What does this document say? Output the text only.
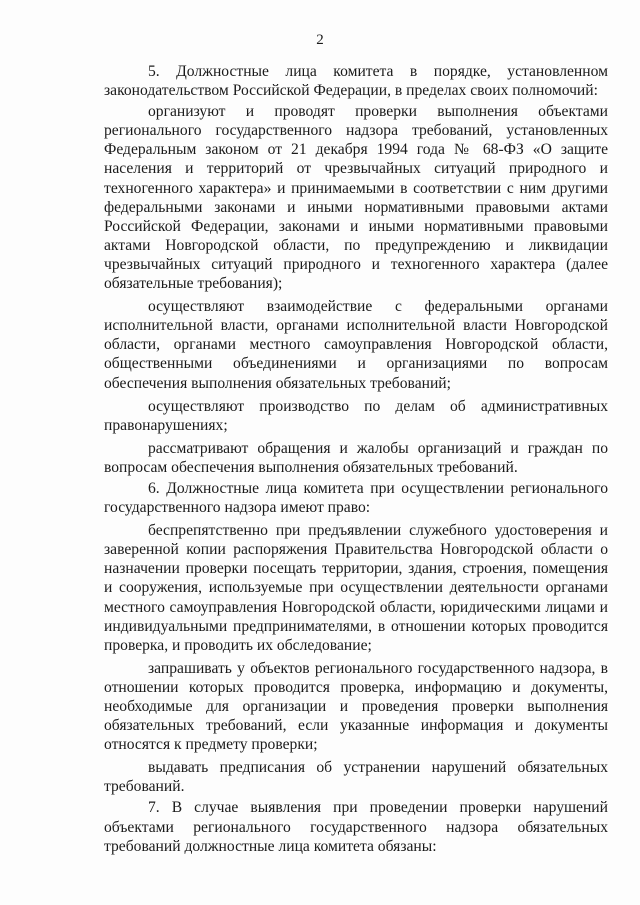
2

5. Должностные лица комитета в порядке, установленном законодательством Российской Федерации, в пределах своих полномочий:

организуют и проводят проверки выполнения объектами регионального государственного надзора требований, установленных Федеральным законом от 21 декабря 1994 года № 68-ФЗ «О защите населения и территорий от чрезвычайных ситуаций природного и техногенного характера» и принимаемыми в соответствии с ним другими федеральными законами и иными нормативными правовыми актами Российской Федерации, законами и иными нормативными правовыми актами Новгородской области, по предупреждению и ликвидации чрезвычайных ситуаций природного и техногенного характера (далее обязательные требования);

осуществляют взаимодействие с федеральными органами исполнительной власти, органами исполнительной власти Новгородской области, органами местного самоуправления Новгородской области, общественными объединениями и организациями по вопросам обеспечения выполнения обязательных требований;

осуществляют производство по делам об административных правонарушениях;

рассматривают обращения и жалобы организаций и граждан по вопросам обеспечения выполнения обязательных требований.

6. Должностные лица комитета при осуществлении регионального государственного надзора имеют право:

беспрепятственно при предъявлении служебного удостоверения и заверенной копии распоряжения Правительства Новгородской области о назначении проверки посещать территории, здания, строения, помещения и сооружения, используемые при осуществлении деятельности органами местного самоуправления Новгородской области, юридическими лицами и индивидуальными предпринимателями, в отношении которых проводится проверка, и проводить их обследование;

запрашивать у объектов регионального государственного надзора, в отношении которых проводится проверка, информацию и документы, необходимые для организации и проведения проверки выполнения обязательных требований, если указанные информация и документы относятся к предмету проверки;

выдавать предписания об устранении нарушений обязательных требований.

7. В случае выявления при проведении проверки нарушений объектами регионального государственного надзора обязательных требований должностные лица комитета обязаны:
